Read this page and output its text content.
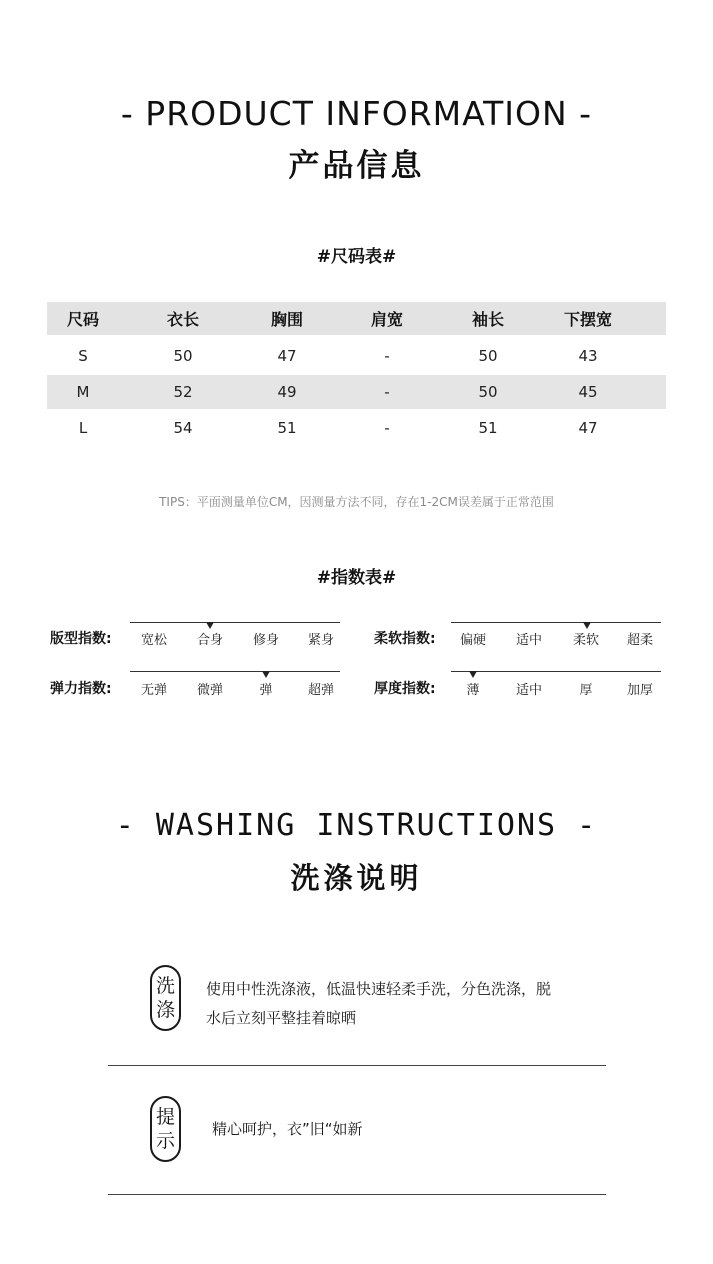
- PRODUCT INFORMATION -
产品信息
#尺码表#
尺码	衣长	胸围	肩宽	袖长	下摆宽
S	50	47	-	50	43
M	52	49	-	50	45
L	54	51	-	51	47
TIPS：平面测量单位CM，因测量方法不同，存在1-2CM误差属于正常范围
#指数表#
版型指数:	宽松	合身	修身	紧身	柔软指数:	偏硬	适中	柔软	超柔
弹力指数:	无弹	微弹	弹	超弹	厚度指数:	薄	适中	厚	加厚
- WASHING INSTRUCTIONS -
洗涤说明
洗
涤
使用中性洗涤液，低温快速轻柔手洗，分色洗涤，脱
水后立刻平整挂着晾晒
提
示
精心呵护，衣”旧“如新
